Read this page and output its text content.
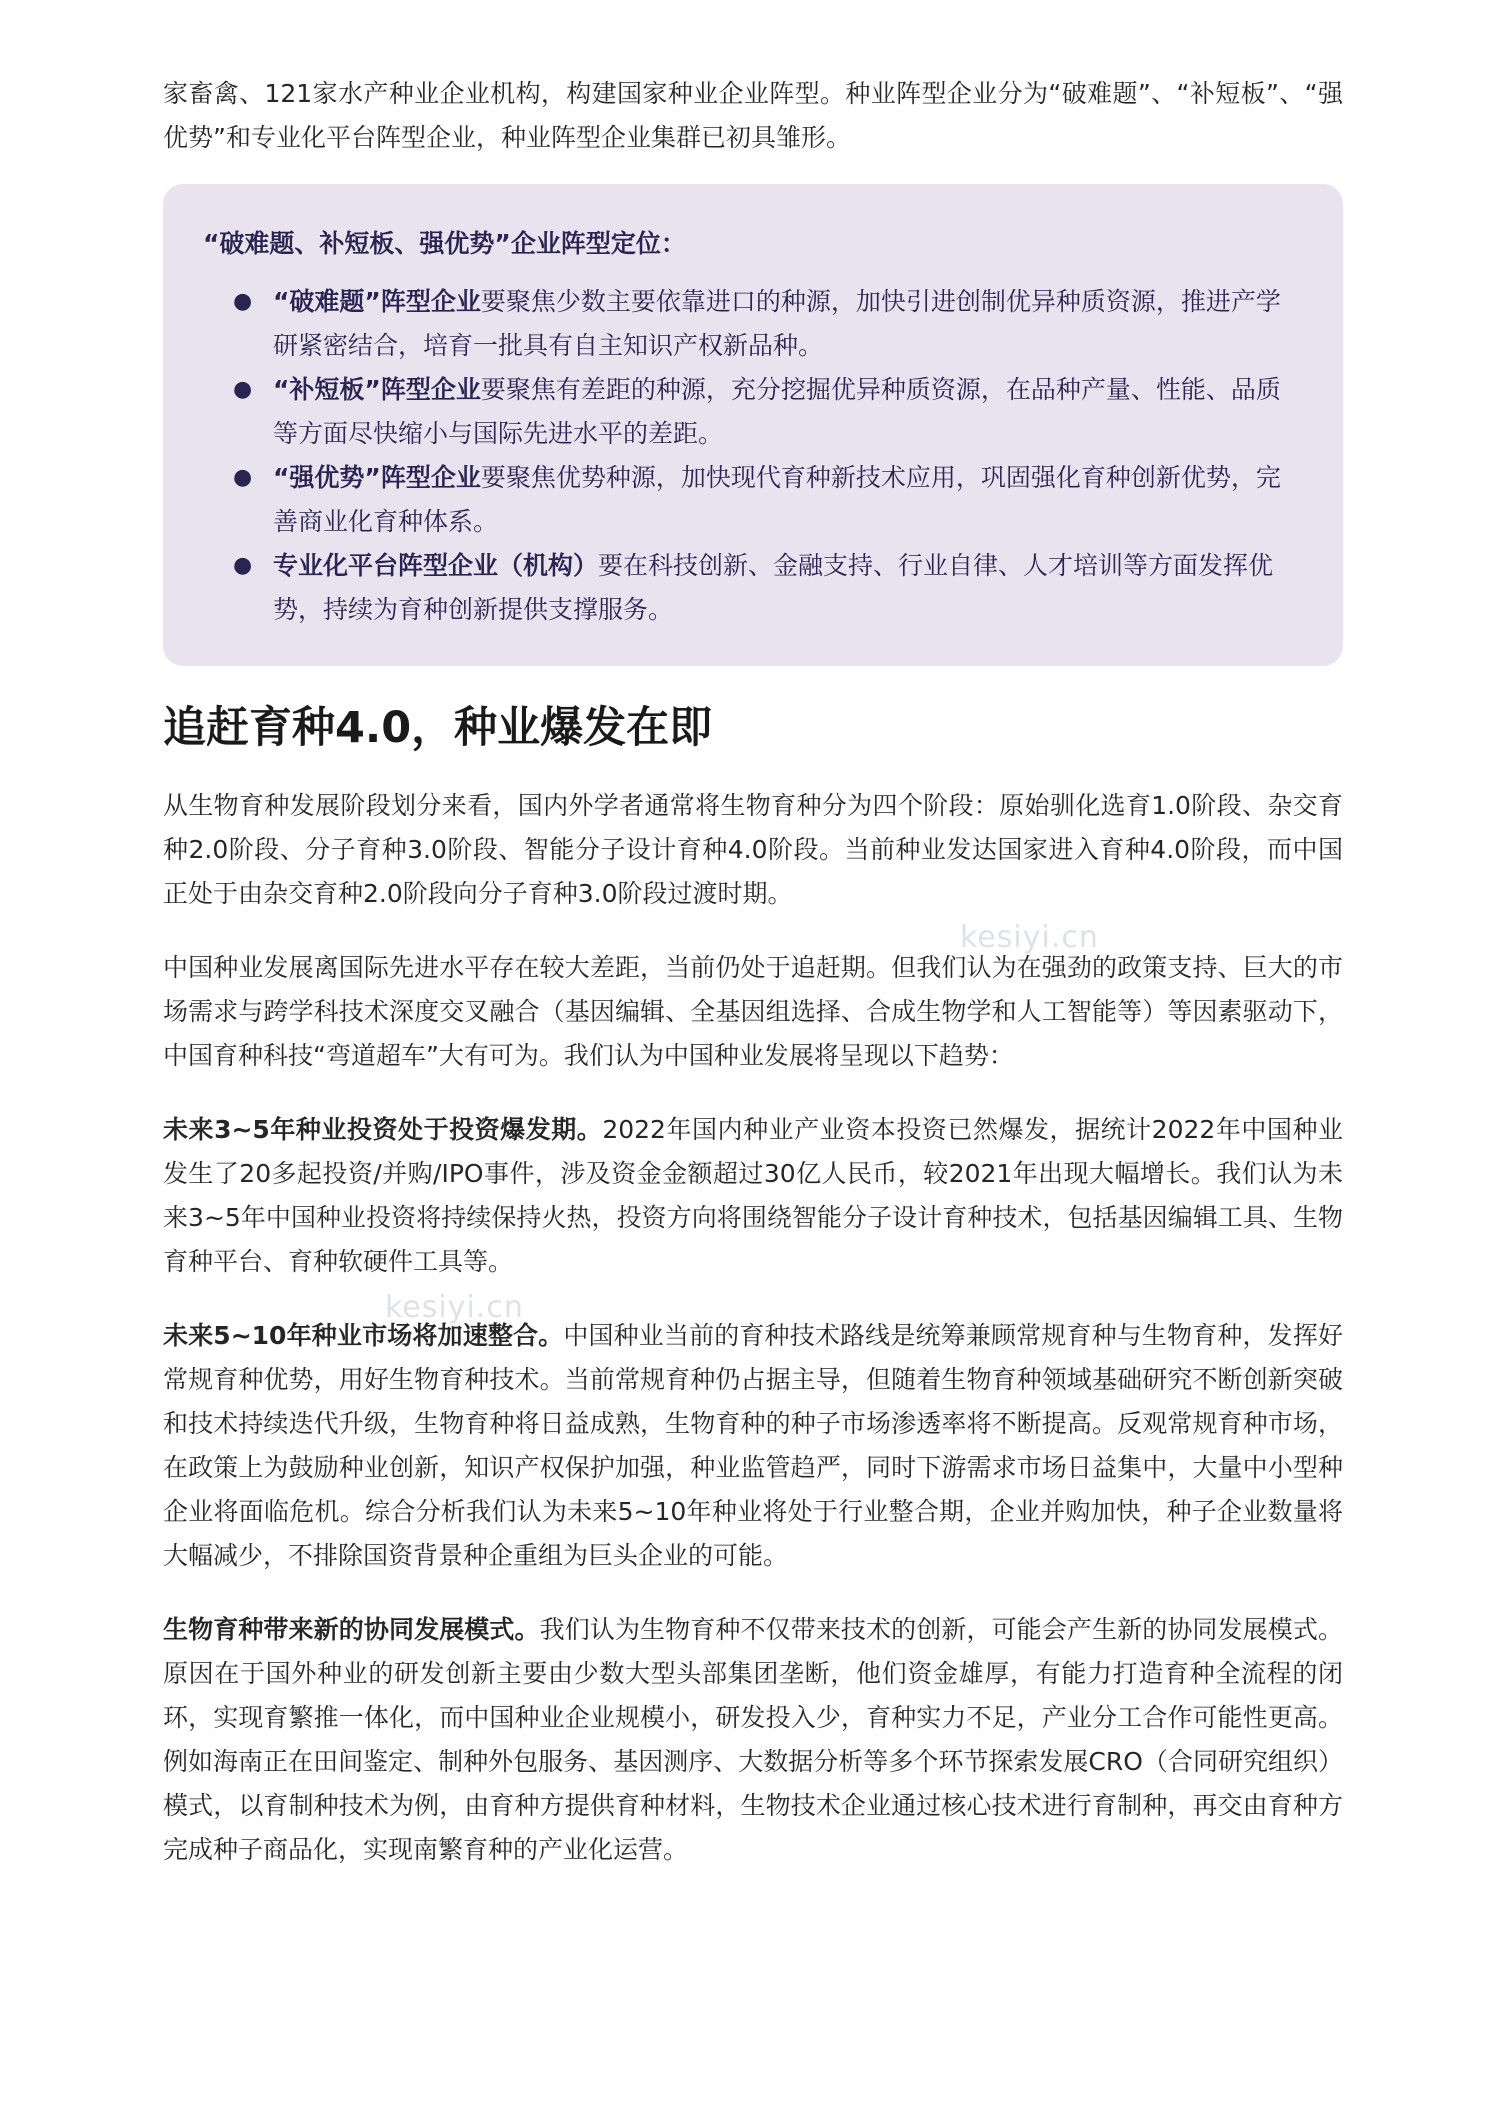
家畜禽、121家水产种业企业机构，构建国家种业企业阵型。种业阵型企业分为“破难题”、“补短板”、“强优势”和专业化平台阵型企业，种业阵型企业集群已初具雏形。

“破难题、补短板、强优势”企业阵型定位：

● “破难题”阵型企业要聚焦少数主要依靠进口的种源，加快引进创制优异种质资源，推进产学研紧密结合，培育一批具有自主知识产权新品种。
● “补短板”阵型企业要聚焦有差距的种源，充分挖掘优异种质资源，在品种产量、性能、品质等方面尽快缩小与国际先进水平的差距。
● “强优势”阵型企业要聚焦优势种源，加快现代育种新技术应用，巩固强化育种创新优势，完善商业化育种体系。
● 专业化平台阵型企业（机构）要在科技创新、金融支持、行业自律、人才培训等方面发挥优势，持续为育种创新提供支撑服务。
追赶育种4.0，种业爆发在即

从生物育种发展阶段划分来看，国内外学者通常将生物育种分为四个阶段：原始驯化选育1.0阶段、杂交育种2.0阶段、分子育种3.0阶段、智能分子设计育种4.0阶段。当前种业发达国家进入育种4.0阶段，而中国正处于由杂交育种2.0阶段向分子育种3.0阶段过渡时期。

中国种业发展离国际先进水平存在较大差距，当前仍处于追赶期。但我们认为在强劲的政策支持、巨大的市场需求与跨学科技术深度交叉融合（基因编辑、全基因组选择、合成生物学和人工智能等）等因素驱动下，中国育种科技“弯道超车”大有可为。我们认为中国种业发展将呈现以下趋势：

未来3~5年种业投资处于投资爆发期。2022年国内种业产业资本投资已然爆发，据统计2022年中国种业发生了20多起投资/并购/IPO事件，涉及资金金额超过30亿人民币，较2021年出现大幅增长。我们认为未来3~5年中国种业投资将持续保持火热，投资方向将围绕智能分子设计育种技术，包括基因编辑工具、生物育种平台、育种软硬件工具等。

未来5~10年种业市场将加速整合。中国种业当前的育种技术路线是统筹兼顾常规育种与生物育种，发挥好常规育种优势，用好生物育种技术。当前常规育种仍占据主导，但随着生物育种领域基础研究不断创新突破和技术持续迭代升级，生物育种将日益成熟，生物育种的种子市场渗透率将不断提高。反观常规育种市场，在政策上为鼓励种业创新，知识产权保护加强，种业监管趋严，同时下游需求市场日益集中，大量中小型种企业将面临危机。综合分析我们认为未来5~10年种业将处于行业整合期，企业并购加快，种子企业数量将大幅减少，不排除国资背景种企重组为巨头企业的可能。

生物育种带来新的协同发展模式。我们认为生物育种不仅带来技术的创新，可能会产生新的协同发展模式。原因在于国外种业的研发创新主要由少数大型头部集团垄断，他们资金雄厚，有能力打造育种全流程的闭环，实现育繁推一体化，而中国种业企业规模小，研发投入少，育种实力不足，产业分工合作可能性更高。例如海南正在田间鉴定、制种外包服务、基因测序、大数据分析等多个环节探索发展CRO（合同研究组织）模式，以育制种技术为例，由育种方提供育种材料，生物技术企业通过核心技术进行育制种，再交由育种方完成种子商品化，实现南繁育种的产业化运营。

kesiyi.cn
kesiyi.cn
